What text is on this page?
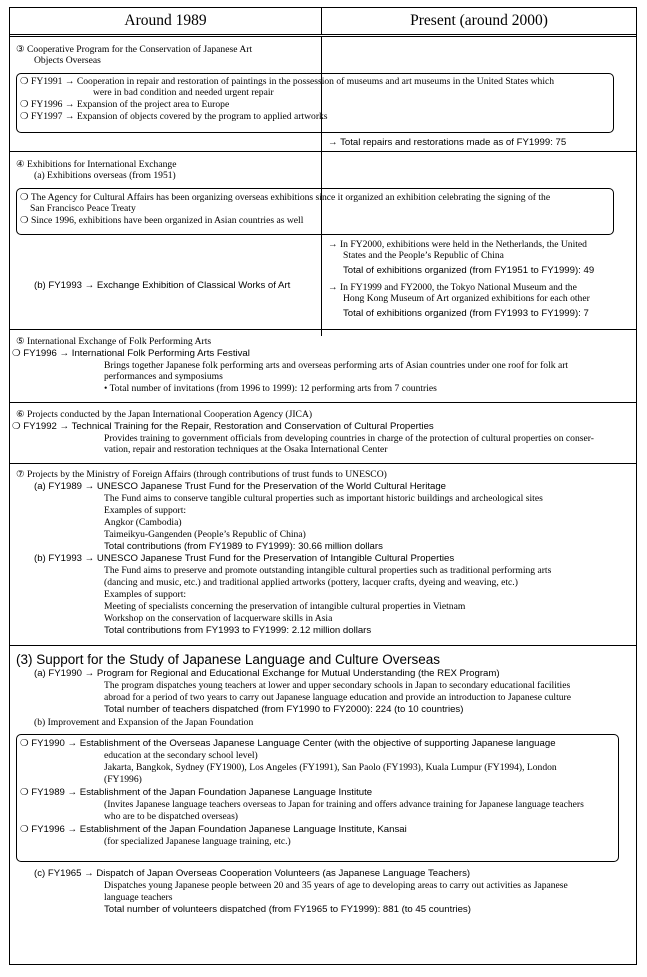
Around 1989	Present (around 2000)
③ Cooperative Program for the Conservation of Japanese Art
Objects Overseas
❍ FY1991 → Cooperation in repair and restoration of paintings in the possession of museums and art museums in the United States which
were in bad condition and needed urgent repair
❍ FY1996 → Expansion of the project area to Europe
❍ FY1997 → Expansion of objects covered by the program to applied artworks
→ Total repairs and restorations made as of FY1999: 75
④ Exhibitions for International Exchange
(a) Exhibitions overseas (from 1951)
❍ The Agency for Cultural Affairs has been organizing overseas exhibitions since it organized an exhibition celebrating the signing of the
San Francisco Peace Treaty
❍ Since 1996, exhibitions have been organized in Asian countries as well
(b) FY1993 → Exchange Exhibition of Classical Works of Art
→ In FY2000, exhibitions were held in the Netherlands, the United
States and the People’s Republic of China
Total of exhibitions organized (from FY1951 to FY1999): 49
→ In FY1999 and FY2000, the Tokyo National Museum and the
Hong Kong Museum of Art organized exhibitions for each other
Total of exhibitions organized (from FY1993 to FY1999): 7
⑤ International Exchange of Folk Performing Arts
❍ FY1996 → International Folk Performing Arts Festival
Brings together Japanese folk performing arts and overseas performing arts of Asian countries under one roof for folk art
performances and symposiums
• Total number of invitations (from 1996 to 1999): 12 performing arts from 7 countries
⑥ Projects conducted by the Japan International Cooperation Agency (JICA)
❍ FY1992 → Technical Training for the Repair, Restoration and Conservation of Cultural Properties
Provides training to government officials from developing countries in charge of the protection of cultural properties on conser-
vation, repair and restoration techniques at the Osaka International Center
⑦ Projects by the Ministry of Foreign Affairs (through contributions of trust funds to UNESCO)
(a) FY1989 → UNESCO Japanese Trust Fund for the Preservation of the World Cultural Heritage
The Fund aims to conserve tangible cultural properties such as important historic buildings and archeological sites
Examples of support:
Angkor (Cambodia)
Taimeikyu-Gangenden (People’s Republic of China)
Total contributions (from FY1989 to FY1999): 30.66 million dollars
(b) FY1993 → UNESCO Japanese Trust Fund for the Preservation of Intangible Cultural Properties
The Fund aims to preserve and promote outstanding intangible cultural properties such as traditional performing arts
(dancing and music, etc.) and traditional applied artworks (pottery, lacquer crafts, dyeing and weaving, etc.)
Examples of support:
Meeting of specialists concerning the preservation of intangible cultural properties in Vietnam
Workshop on the conservation of lacquerware skills in Asia
Total contributions from FY1993 to FY1999: 2.12 million dollars
(3) Support for the Study of Japanese Language and Culture Overseas
(a) FY1990 → Program for Regional and Educational Exchange for Mutual Understanding (the REX Program)
The program dispatches young teachers at lower and upper secondary schools in Japan to secondary educational facilities
abroad for a period of two years to carry out Japanese language education and provide an introduction to Japanese culture
Total number of teachers dispatched (from FY1990 to FY2000): 224 (to 10 countries)
(b) Improvement and Expansion of the Japan Foundation
❍ FY1990 → Establishment of the Overseas Japanese Language Center (with the objective of supporting Japanese language
education at the secondary school level)
Jakarta, Bangkok, Sydney (FY1900), Los Angeles (FY1991), San Paolo (FY1993), Kuala Lumpur (FY1994), London
(FY1996)
❍ FY1989 → Establishment of the Japan Foundation Japanese Language Institute
(Invites Japanese language teachers overseas to Japan for training and offers advance training for Japanese language teachers
who are to be dispatched overseas)
❍ FY1996 → Establishment of the Japan Foundation Japanese Language Institute, Kansai
(for specialized Japanese language training, etc.)
(c) FY1965 → Dispatch of Japan Overseas Cooperation Volunteers (as Japanese Language Teachers)
Dispatches young Japanese people between 20 and 35 years of age to developing areas to carry out activities as Japanese
language teachers
Total number of volunteers dispatched (from FY1965 to FY1999): 881 (to 45 countries)
